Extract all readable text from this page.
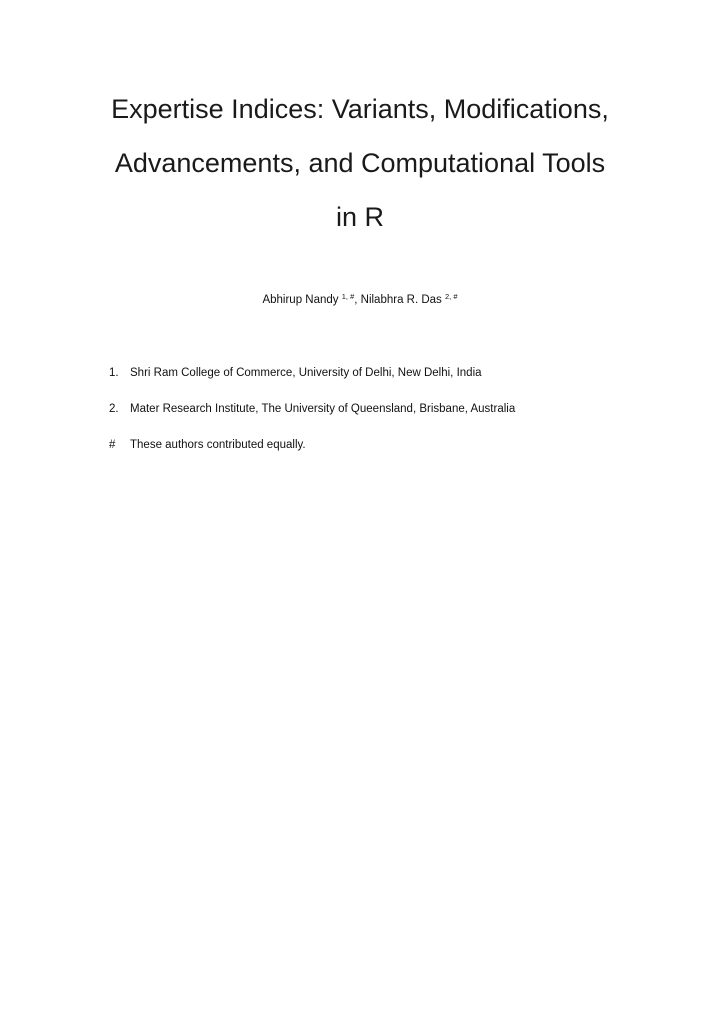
Expertise Indices: Variants, Modifications,
Advancements, and Computational Tools
in R
Abhirup Nandy $^{1, \#}$, Nilabhra R. Das $^{2, \#}$
1. Shri Ram College of Commerce, University of Delhi, New Delhi, India
2. Mater Research Institute, The University of Queensland, Brisbane, Australia
# These authors contributed equally.
